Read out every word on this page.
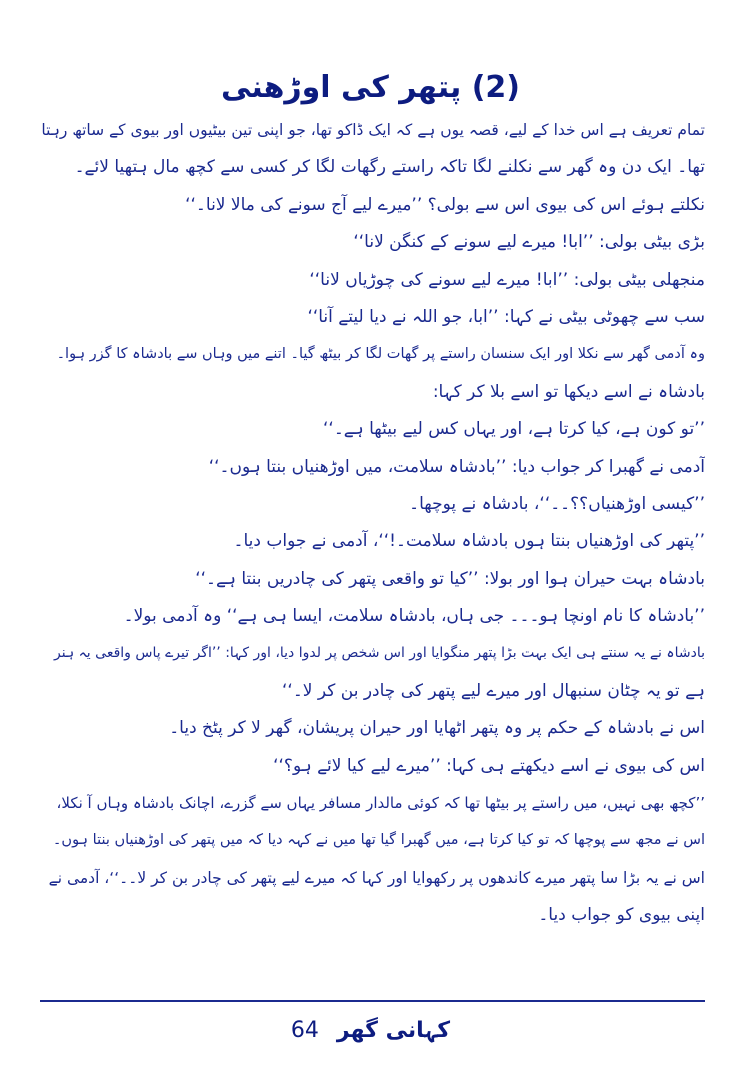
(2) پتھر کی اوڑھنی
تمام تعریف ہے اس خدا کے لیے، قصہ یوں ہے کہ ایک ڈاکو تھا، جو اپنی تین بیٹیوں اور بیوی کے ساتھ رہتا
تھا۔ ایک دن وہ گھر سے نکلنے لگا تاکہ راستے رگھات لگا کر کسی سے کچھ مال ہتھیا لائے۔
نکلتے ہوئے اس کی بیوی اس سے بولی؟ ’’میرے لیے آج سونے کی مالا لانا۔‘‘
بڑی بیٹی بولی: ’’ابا! میرے لیے سونے کے کنگن لانا‘‘
منجھلی بیٹی بولی: ’’ابا! میرے لیے سونے کی چوڑیاں لانا‘‘
سب سے چھوٹی بیٹی نے کہا: ’’ابا، جو اللہ نے دیا لیتے آنا‘‘
وہ آدمی گھر سے نکلا اور ایک سنسان راستے پر گھات لگا کر بیٹھ گیا۔ اتنے میں وہاں سے بادشاہ کا گزر ہوا۔
بادشاہ نے اسے دیکھا تو اسے بلا کر کہا:
’’تو کون ہے، کیا کرتا ہے، اور یہاں کس لیے بیٹھا ہے۔‘‘
آدمی نے گھبرا کر جواب دیا: ’’بادشاہ سلامت، میں اوڑھنیاں بنتا ہوں۔‘‘
’’کیسی اوڑھنیاں؟؟۔۔‘‘، بادشاہ نے پوچھا۔
’’پتھر کی اوڑھنیاں بنتا ہوں بادشاہ سلامت۔!‘‘، آدمی نے جواب دیا۔
بادشاہ بہت حیران ہوا اور بولا: ’’کیا تو واقعی پتھر کی چادریں بنتا ہے۔‘‘
’’بادشاہ کا نام اونچا ہو۔۔۔ جی ہاں، بادشاہ سلامت، ایسا ہی ہے‘‘ وہ آدمی بولا۔
بادشاہ نے یہ سنتے ہی ایک بہت بڑا پتھر منگوایا اور اس شخص پر لدوا دیا، اور کہا: ’’اگر تیرے پاس واقعی یہ ہنر
ہے تو یہ چٹان سنبھال اور میرے لیے پتھر کی چادر بن کر لا۔‘‘
اس نے بادشاہ کے حکم پر وہ پتھر اٹھایا اور حیران پریشان، گھر لا کر پٹخ دیا۔
اس کی بیوی نے اسے دیکھتے ہی کہا: ’’میرے لیے کیا لائے ہو؟‘‘
’’کچھ بھی نہیں، میں راستے پر بیٹھا تھا کہ کوئی مالدار مسافر یہاں سے گزرے، اچانک بادشاہ وہاں آ نکلا،
اس نے مجھ سے پوچھا کہ تو کیا کرتا ہے، میں گھبرا گیا تھا میں نے کہہ دیا کہ میں پتھر کی اوڑھنیاں بنتا ہوں۔
اس نے یہ بڑا سا پتھر میرے کاندھوں پر رکھوایا اور کہا کہ میرے لیے پتھر کی چادر بن کر لا۔۔‘‘، آدمی نے
اپنی بیوی کو جواب دیا۔
کہانی گھر64
